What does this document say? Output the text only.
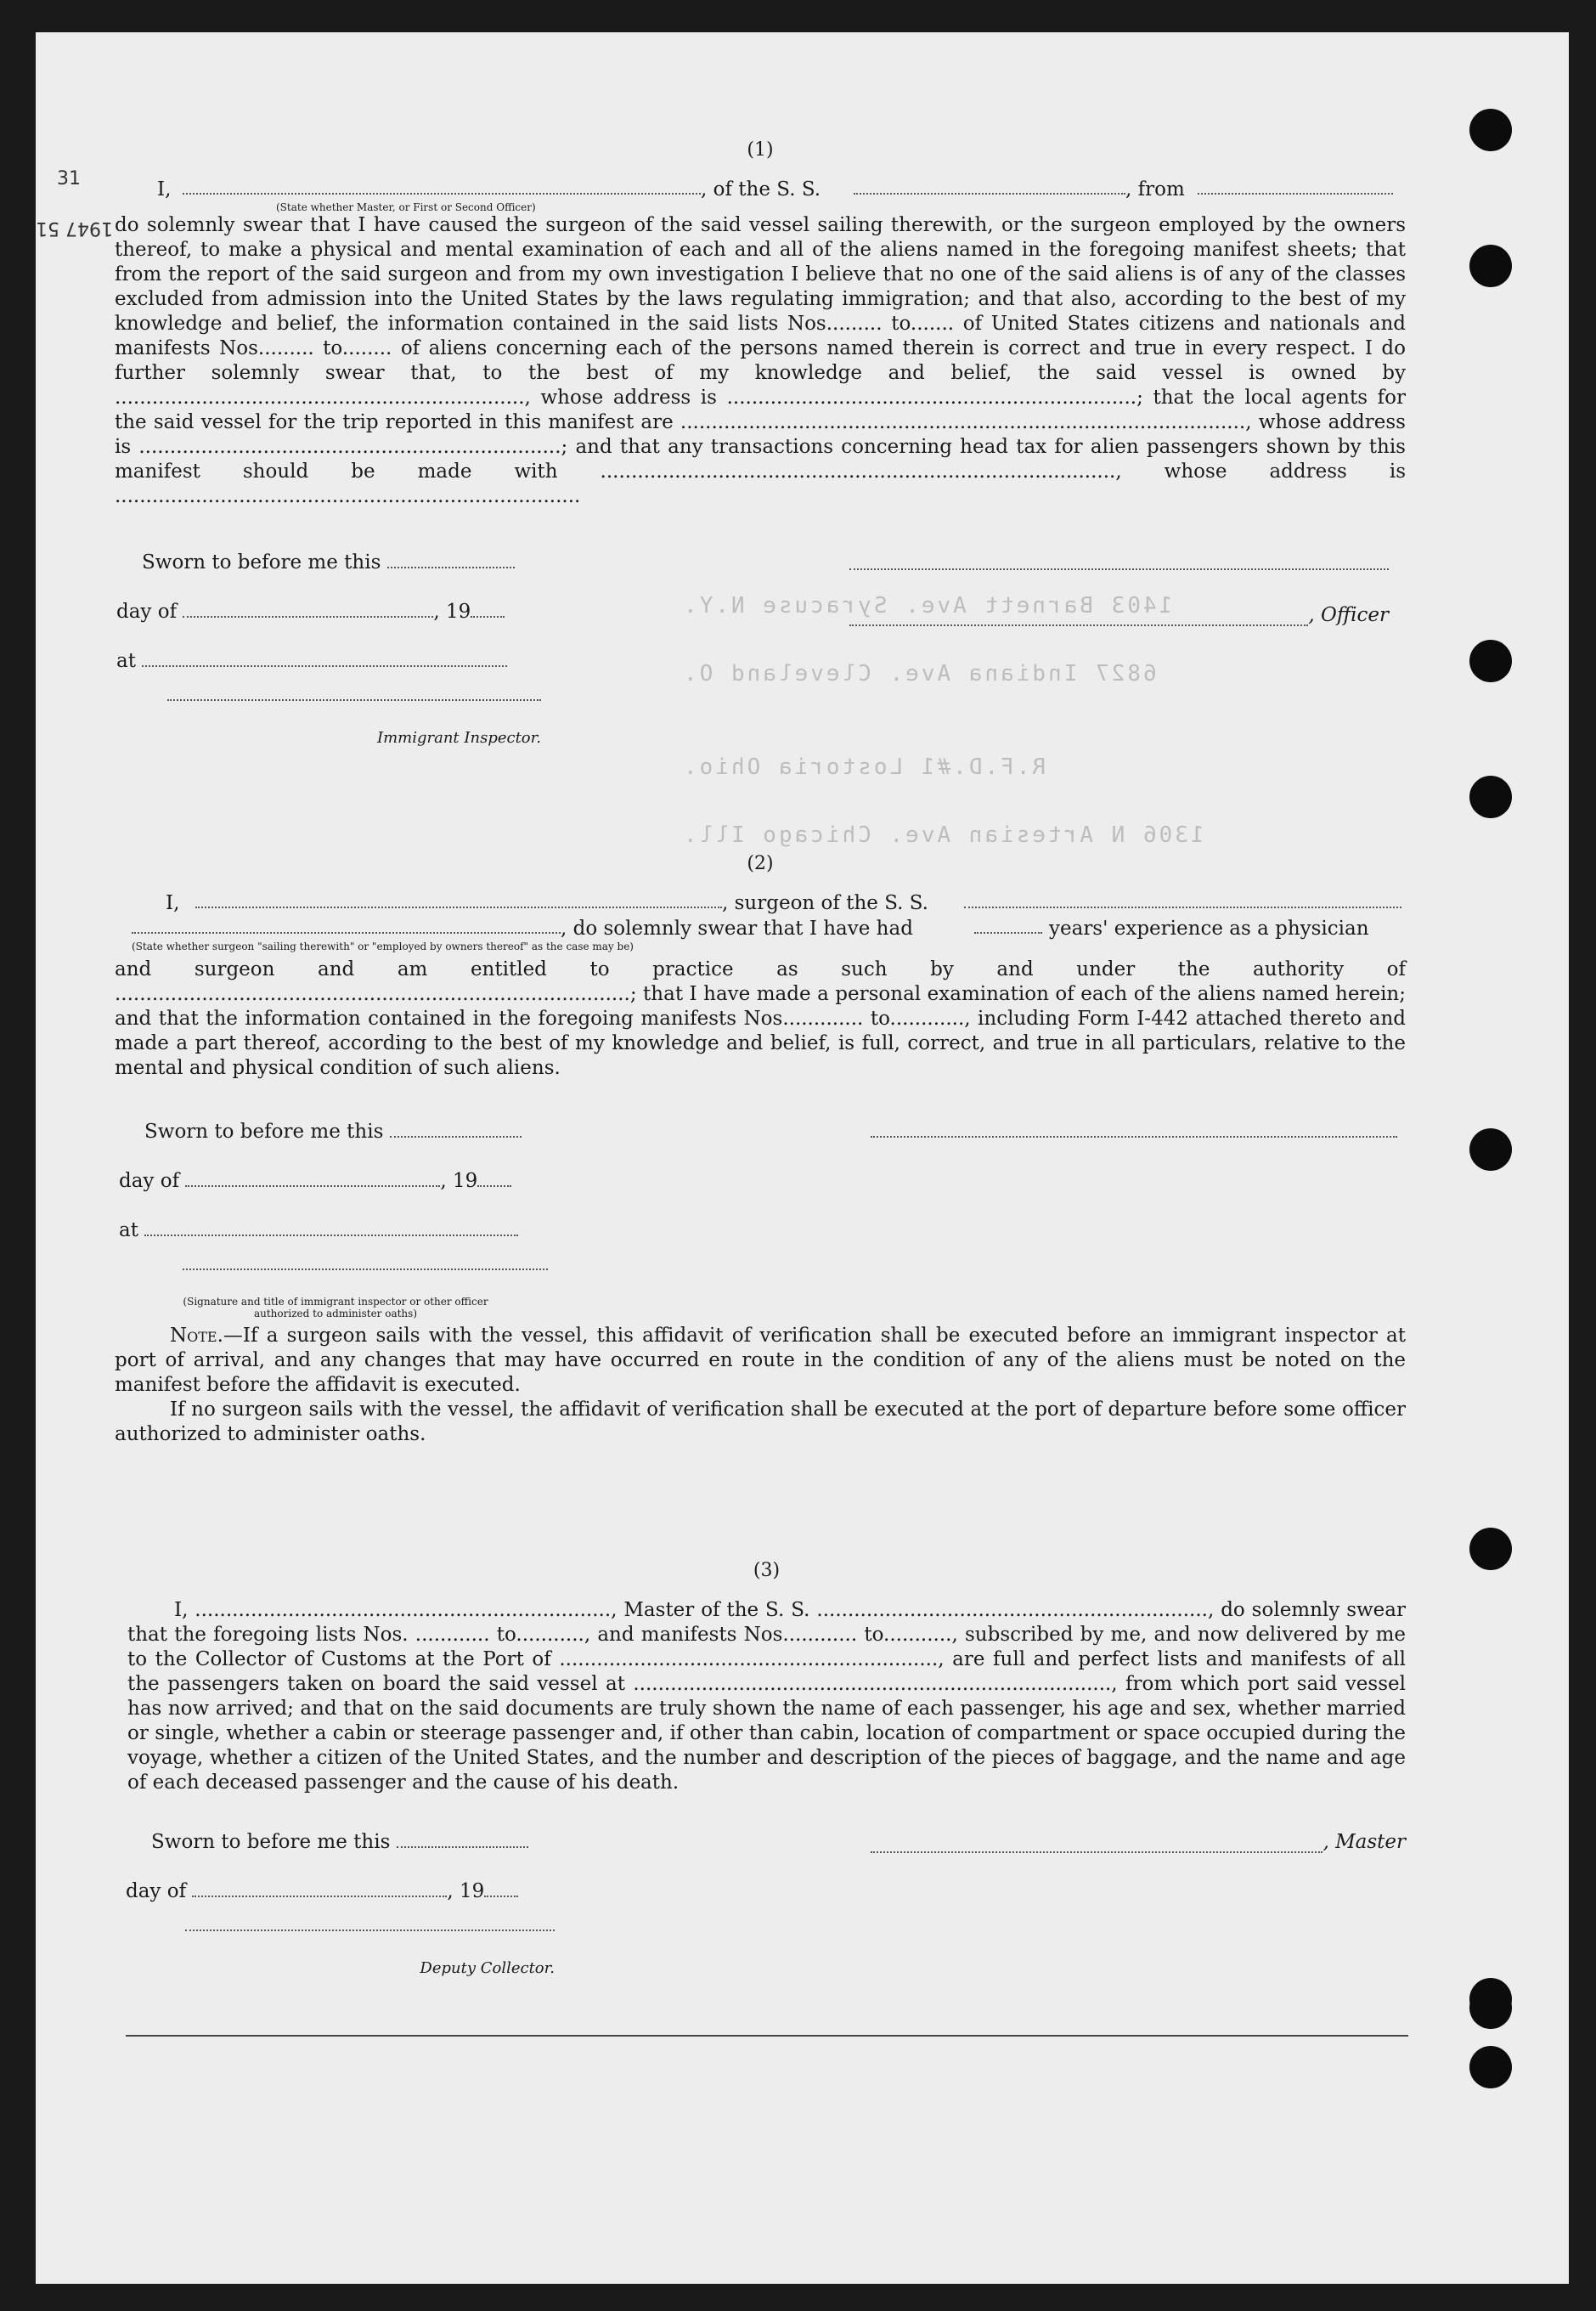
31
1947 51
1403 Barnett Ave. Syracuse N.Y.
6827 Indiana Ave. Cleveland O.
R.F.D.#1 Lostoria Ohio.
1306 N Artesian Ave. Chicago Ill.
(1)
I,	, of the S. S.	, from
(State whether Master, or First or Second Officer)

do solemnly swear that I have caused the surgeon of the said vessel sailing therewith, or the surgeon employed by the owners thereof, to make a physical and mental examination of each and all of the aliens named in the foregoing manifest sheets; that from the report of the said surgeon and from my own investigation I believe that no one of the said aliens is of any of the classes excluded from admission into the United States by the laws regulating immigration; and that also, according to the best of my knowledge and belief, the information contained in the said lists Nos......... to....... of United States citizens and nationals and manifests Nos......... to........ of aliens concerning each of the persons named therein is correct and true in every respect. I do further solemnly swear that, to the best of my knowledge and belief, the said vessel is owned by .................................................................., whose address is ..................................................................; that the local agents for the said vessel for the trip reported in this manifest are ..........................................................................................., whose address is ....................................................................; and that any transactions concerning head tax for alien passengers shown by this manifest should be made with ..................................................................................., whose address is ...........................................................................

Sworn to before me this
day of	, 19
at
Immigrant Inspector.
, Officer
(2)
I,	, surgeon of the S. S.
, do solemnly swear that I have had	years' experience as a physician
(State whether surgeon "sailing therewith" or "employed by owners thereof" as the case may be)

and surgeon and am entitled to practice as such by and under the authority of ...................................................................................; that I have made a personal examination of each of the aliens named herein; and that the information contained in the foregoing manifests Nos............. to............, including Form I-442 attached thereto and made a part thereof, according to the best of my knowledge and belief, is full, correct, and true in all particulars, relative to the mental and physical condition of such aliens.

Sworn to before me this
day of	, 19
at
(Signature and title of immigrant inspector or other officer authorized to administer oaths)

Note.—If a surgeon sails with the vessel, this affidavit of verification shall be executed before an immigrant inspector at port of arrival, and any changes that may have occurred en route in the condition of any of the aliens must be noted on the manifest before the affidavit is executed.

If no surgeon sails with the vessel, the affidavit of verification shall be executed at the port of departure before some officer authorized to administer oaths.

(3)

I, ..................................................................., Master of the S. S. ..............................................................., do solemnly swear that the foregoing lists Nos. ............ to..........., and manifests Nos............ to..........., subscribed by me, and now delivered by me to the Collector of Customs at the Port of ............................................................., are full and perfect lists and manifests of all the passengers taken on board the said vessel at ............................................................................., from which port said vessel has now arrived; and that on the said documents are truly shown the name of each passenger, his age and sex, whether married or single, whether a cabin or steerage passenger and, if other than cabin, location of compartment or space occupied during the voyage, whether a citizen of the United States, and the number and description of the pieces of baggage, and the name and age of each deceased passenger and the cause of his death.

Sworn to before me this
day of	, 19
Deputy Collector.
, Master
